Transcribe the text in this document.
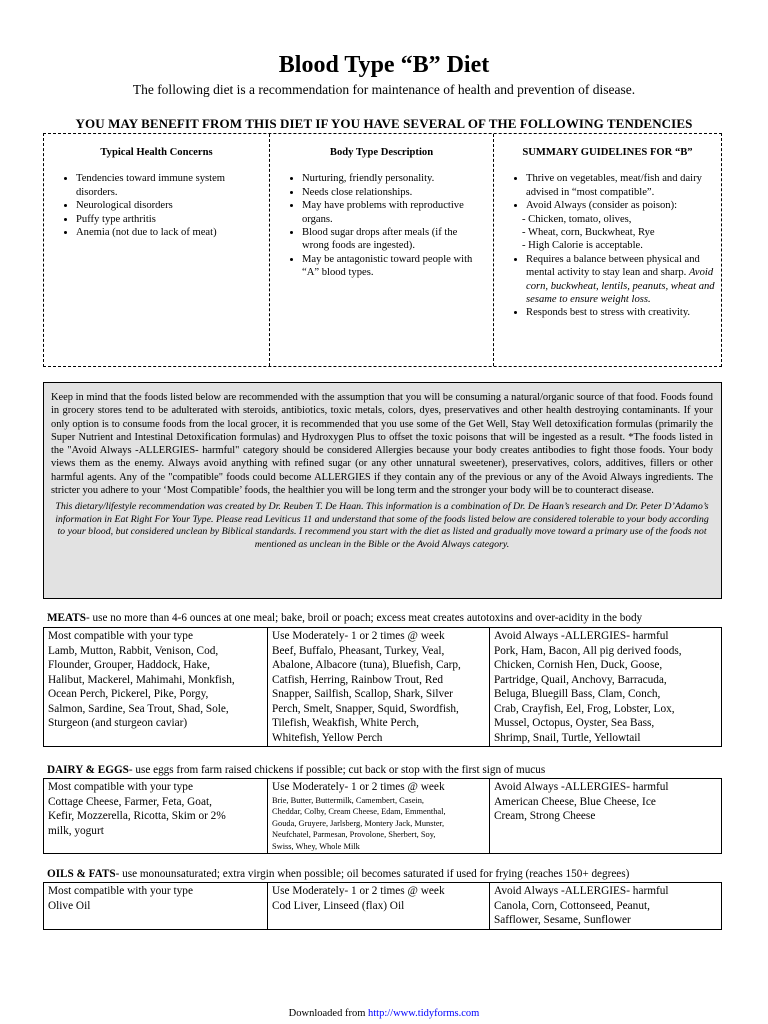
Blood Type “B” Diet
The following diet is a recommendation for maintenance of health and prevention of disease.
YOU MAY BENEFIT FROM THIS DIET IF YOU HAVE SEVERAL OF THE FOLLOWING TENDENCIES
Typical Health Concerns
• Tendencies toward immune system disorders.
• Neurological disorders
• Puffy type arthritis
• Anemia (not due to lack of meat)
Body Type Description
• Nurturing, friendly personality.
• Needs close relationships.
• May have problems with reproductive organs.
• Blood sugar drops after meals (if the wrong foods are ingested).
• May be antagonistic toward people with “A” blood types.
SUMMARY GUIDELINES FOR “B”
• Thrive on vegetables, meat/fish and dairy advised in “most compatible”.
• Avoid Always (consider as poison):
- Chicken, tomato, olives,
- Wheat, corn, Buckwheat, Rye
- High Calorie is acceptable.
• Requires a balance between physical and mental activity to stay lean and sharp. Avoid corn, buckwheat, lentils, peanuts, wheat and sesame to ensure weight loss.
• Responds best to stress with creativity.

Keep in mind that the foods listed below are recommended with the assumption that you will be consuming a natural/organic source of that food. Foods found in grocery stores tend to be adulterated with steroids, antibiotics, toxic metals, colors, dyes, preservatives and other health destroying contaminants. If your only option is to consume foods from the local grocer, it is recommended that you use some of the Get Well, Stay Well detoxification formulas (primarily the Super Nutrient and Intestinal Detoxification formulas) and Hydroxygen Plus to offset the toxic poisons that will be ingested as a result. *The foods listed in the "Avoid Always -ALLERGIES- harmful" category should be considered Allergies because your body creates antibodies to fight those foods. Your body views them as the enemy. Always avoid anything with refined sugar (or any other unnatural sweetener), preservatives, colors, additives, fillers or other harmful agents. Any of the "compatible" foods could become ALLERGIES if they contain any of the previous or any of the Avoid Always ingredients. The stricter you adhere to your ‘Most Compatible’ foods, the healthier you will be long term and the stronger your body will be to counteract disease.

This dietary/lifestyle recommendation was created by Dr. Reuben T. De Haan. This information is a combination of Dr. De Haan’s research and Dr. Peter D’Adamo’s information in Eat Right For Your Type. Please read Leviticus 11 and understand that some of the foods listed below are considered tolerable to your body according to your blood, but considered unclean by Biblical standards. I recommend you start with the diet as listed and gradually move toward a primary use of the foods not mentioned as unclean in the Bible or the Avoid Always category.

MEATS- use no more than 4-6 ounces at one meal; bake, broil or poach; excess meat creates autotoxins and over-acidity in the body
Most compatible with your type
Lamb, Mutton, Rabbit, Venison, Cod,
Flounder, Grouper, Haddock, Hake,
Halibut, Mackerel, Mahimahi, Monkfish,
Ocean Perch, Pickerel, Pike, Porgy,
Salmon, Sardine, Sea Trout, Shad, Sole,
Sturgeon (and sturgeon caviar)

Use Moderately- 1 or 2 times @ week
Beef, Buffalo, Pheasant, Turkey, Veal,
Abalone, Albacore (tuna), Bluefish, Carp,
Catfish, Herring, Rainbow Trout, Red
Snapper, Sailfish, Scallop, Shark, Silver
Perch, Smelt, Snapper, Squid, Swordfish,
Tilefish, Weakfish, White Perch,
Whitefish, Yellow Perch

Avoid Always -ALLERGIES- harmful
Pork, Ham, Bacon, All pig derived foods,
Chicken, Cornish Hen, Duck, Goose,
Partridge, Quail, Anchovy, Barracuda,
Beluga, Bluegill Bass, Clam, Conch,
Crab, Crayfish, Eel, Frog, Lobster, Lox,
Mussel, Octopus, Oyster, Sea Bass,
Shrimp, Snail, Turtle, Yellowtail
DAIRY & EGGS- use eggs from farm raised chickens if possible; cut back or stop with the first sign of mucus
Most compatible with your type
Cottage Cheese, Farmer, Feta, Goat,
Kefir, Mozzerella, Ricotta, Skim or 2%
milk, yogurt

Use Moderately- 1 or 2 times @ week
Brie, Butter, Buttermilk, Camembert, Casein,
Cheddar, Colby, Cream Cheese, Edam, Emmenthal,
Gouda, Gruyere, Jarlsberg, Montery Jack, Munster,
Neufchatel, Parmesan, Provolone, Sherbert, Soy,
Swiss, Whey, Whole Milk

Avoid Always -ALLERGIES- harmful
American Cheese, Blue Cheese, Ice
Cream, Strong Cheese
OILS & FATS- use monounsaturated; extra virgin when possible; oil becomes saturated if used for frying (reaches 150+ degrees)
Most compatible with your type
Olive Oil

Use Moderately- 1 or 2 times @ week
Cod Liver, Linseed (flax) Oil

Avoid Always -ALLERGIES- harmful
Canola, Corn, Cottonseed, Peanut,
Safflower, Sesame, Sunflower
Downloaded from http://www.tidyforms.com
